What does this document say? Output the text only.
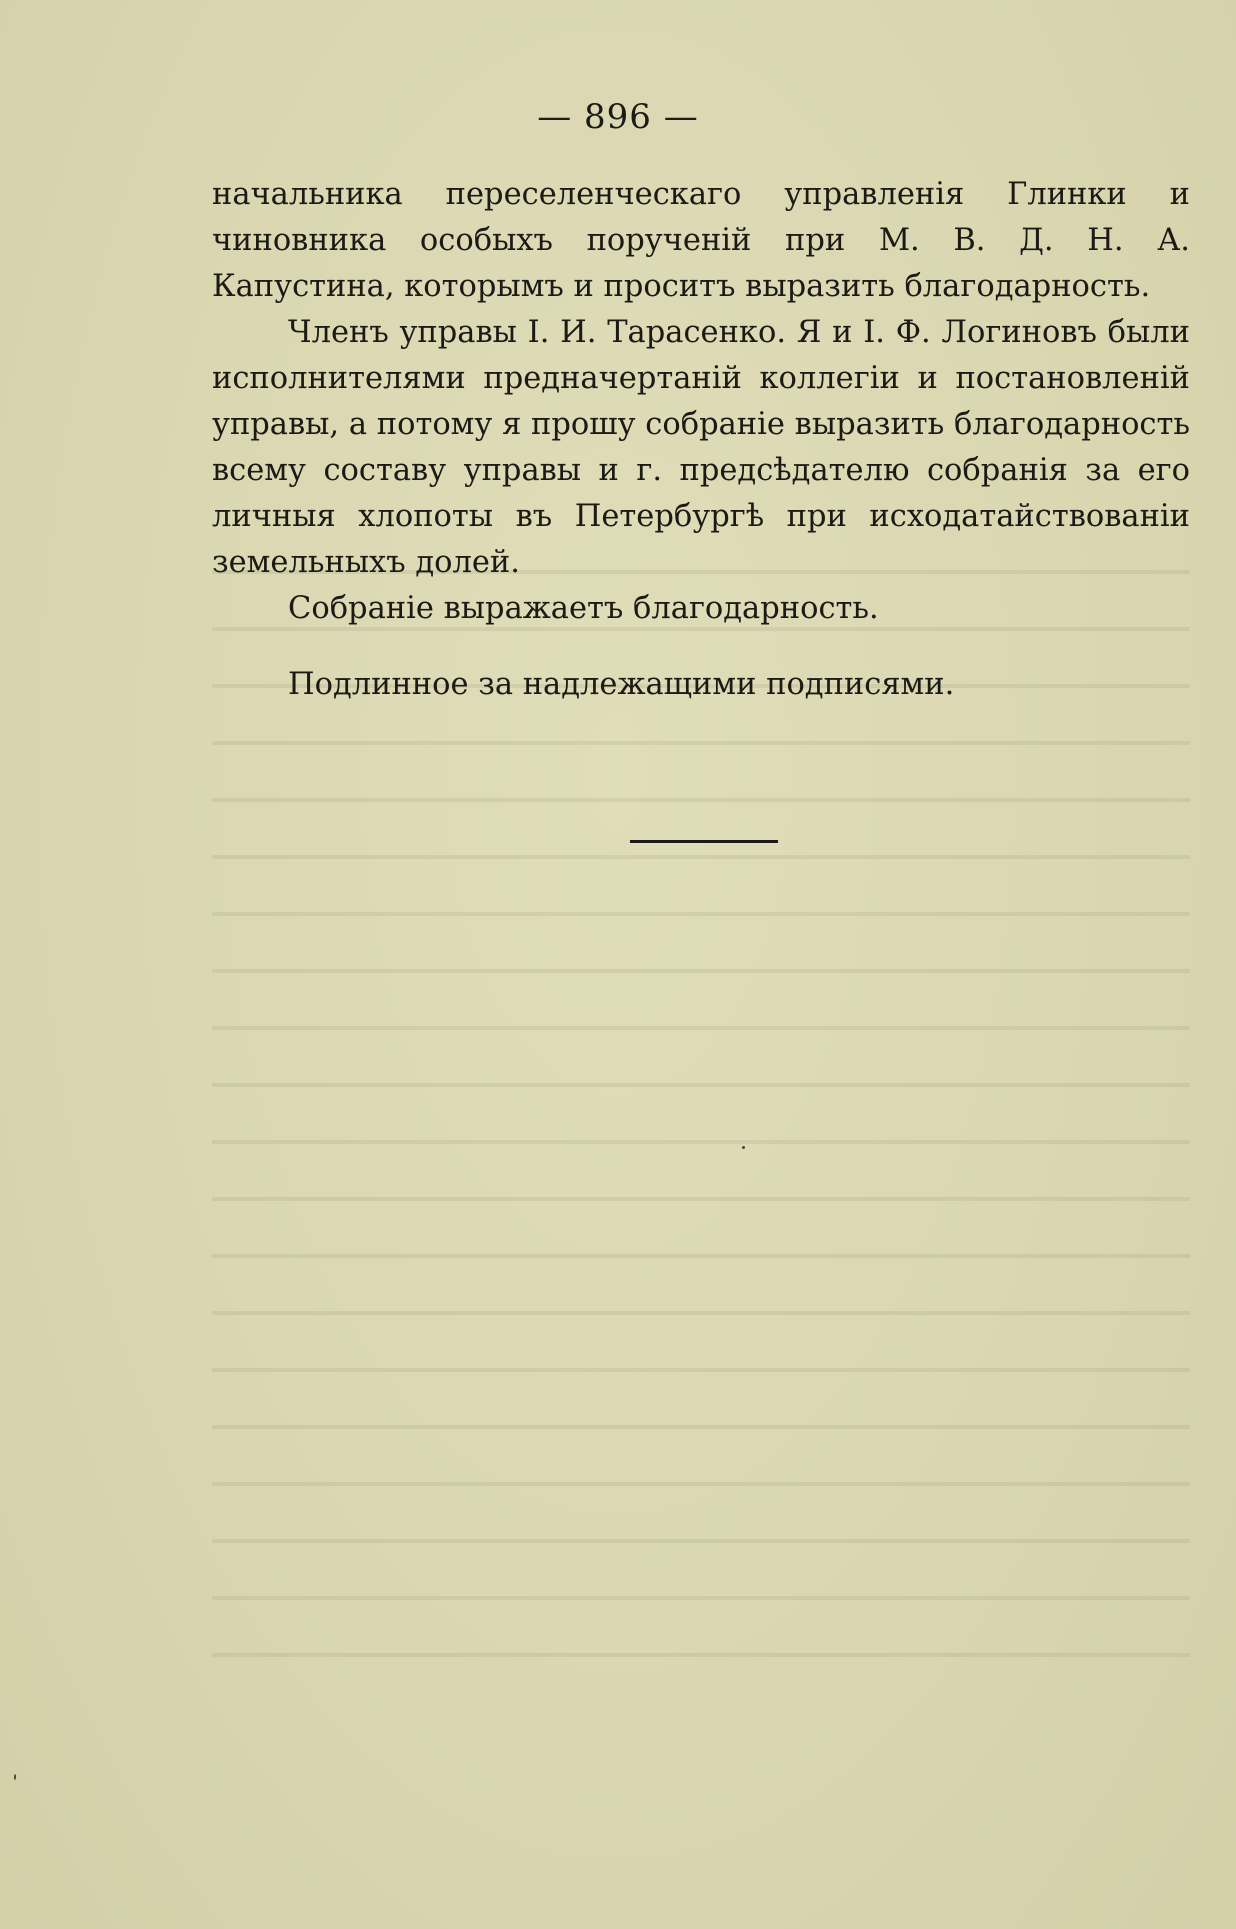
— 896 —

начальника переселенческаго управленія Глинки и чиновника особыхъ порученій при М. В. Д. Н. А. Капустина, которымъ и проситъ выразить благодарность.

Членъ управы І. И. Тарасенко. Я и І. Ф. Логиновъ были исполнителями предначертаній коллегіи и постановленій управы, а потому я прошу собраніе выразить благодарность всему составу управы и г. предсѣдателю собранія за его личныя хлопоты въ Петербургѣ при исходатайствованіи земельныхъ долей.

Собраніе выражаетъ благодарность.

Подлинное за надлежащими подписями.
